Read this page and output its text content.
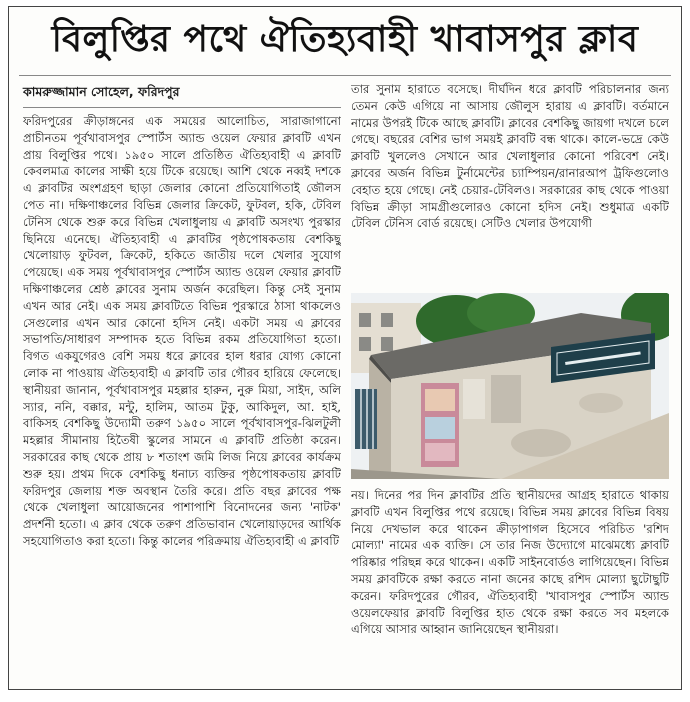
বিলুপ্তির পথে ঐতিহ্যবাহী খাবাসপুর ক্লাব
কামরুজ্জামান সোহেল, ফরিদপুর

ফরিদপুরের ক্রীড়াঙ্গনের এক সময়ের আলোচিত, সারাজাগানো প্রাচীনতম পূর্বখাবাসপুর স্পোর্টস অ্যান্ড ওয়েল ফেয়ার ক্লাবটি এখন প্রায় বিলুপ্তির পথে। ১৯৫০ সালে প্রতিষ্ঠিত ঐতিহ্যবাহী এ ক্লাবটি কেবলমাত্র কালের সাক্ষী হয়ে টিকে রয়েছে। আশি থেকে নব্বই দশকে এ ক্লাবটির অংশগ্রহণ ছাড়া জেলার কোনো প্রতিযোগিতাই জৌলস পেত না। দক্ষিণাঞ্চলের বিভিন্ন জেলার ক্রিকেট, ফুটবল, হকি, টেবিল টেনিস থেকে শুরু করে বিভিন্ন খেলাধুলায় এ ক্লাবটি অসংখ্য পুরস্কার ছিনিয়ে এনেছে। ঐতিহ্যবাহী এ ক্লাবটির পৃষ্ঠপোষকতায় বেশকিছু খেলোয়াড় ফুটবল, ক্রিকেট, হকিতে জাতীয় দলে খেলার সুযোগ পেয়েছে। এক সময় পূর্বখাবাসপুর স্পোর্টস অ্যান্ড ওয়েল ফেয়ার ক্লাবটি দক্ষিণাঞ্চলের শ্রেষ্ঠ ক্লাবের সুনাম অর্জন করেছিল। কিন্তু সেই সুনাম এখন আর নেই। এক সময় ক্লাবটিতে বিভিন্ন পুরস্কারে ঠাসা থাকলেও সেগুলোর এখন আর কোনো হদিস নেই। একটা সময় এ ক্লাবের সভাপতি/সাধারণ সম্পাদক হতে বিভিন্ন রকম প্রতিযোগিতা হতো। বিগত একযুগেরও বেশি সময় ধরে ক্লাবের হাল ধরার যোগ্য কোনো লোক না পাওয়ায় ঐতিহ্যবাহী এ ক্লাবটি তার গৌরব হারিয়ে ফেলেছে। স্থানীয়রা জানান, পূর্বখাবাসপুর মহল্লার হারুন, নুরু মিয়া, সাইদ, অলি স্যার, ননি, বক্কার, মন্টু, হালিম, আতম টুকু, আকিদুল, আ. হাই, বাকিসহ বেশকিছু উদ্যোমী তরুণ ১৯৫০ সালে পূর্বখাবাসপুর-ঝিলটুলী মহল্লার সীমানায় হিতৈষী স্কুলের সামনে এ ক্লাবটি প্রতিষ্ঠা করেন। সরকারের কাছ থেকে প্রায় ৮ শতাংশ জমি লিজ নিয়ে ক্লাবের কার্যক্রম শুরু হয়। প্রথম দিকে বেশকিছু ধনাঢ্য ব্যক্তির পৃষ্ঠপোষকতায় ক্লাবটি ফরিদপুর জেলায় শক্ত অবস্থান তৈরি করে। প্রতি বছর ক্লাবের পক্ষ থেকে খেলাধুলা আয়োজনের পাশাপাশি বিনোদনের জন্য 'নাটক' প্রদর্শনী হতো। এ ক্লাব থেকে তরুণ প্রতিভাবান খেলোয়াড়দের আর্থিক সহযোগিতাও করা হতো। কিন্তু কালের পরিক্রমায় ঐতিহ্যবাহী এ ক্লাবটি

তার সুনাম হারাতে বসেছে। দীর্ঘদিন ধরে ক্লাবটি পরিচালনার জন্য তেমন কেউ এগিয়ে না আসায় জৌলুস হারায় এ ক্লাবটি। বর্তমানে নামের উপরই টিকে আছে ক্লাবটি। ক্লাবের বেশকিছু জায়গা দখলে চলে গেছে। বছরের বেশির ভাগ সময়ই ক্লাবটি বন্ধ থাকে। কালে-ভদ্রে কেউ ক্লাবটি খুললেও সেখানে আর খেলাধুলার কোনো পরিবেশ নেই। ক্লাবের অর্জন বিভিন্ন টুর্নামেন্টের চ্যাম্পিয়ন/রানারআপ ট্রফিগুলোও বেহাত হয়ে গেছে। নেই চেয়ার-টেবিলও। সরকারের কাছ থেকে পাওয়া বিভিন্ন ক্রীড়া সামগ্রীগুলোরও কোনো হদিস নেই। শুধুমাত্র একটি টেবিল টেনিস বোর্ড রয়েছে। সেটিও খেলার উপযোগী

নয়। দিনের পর দিন ক্লাবটির প্রতি স্থানীয়দের আগ্রহ হারাতে থাকায় ক্লাবটি এখন বিলুপ্তির পথে রয়েছে। বিভিন্ন সময় ক্লাবের বিভিন্ন বিষয় নিয়ে দেখভাল করে থাকেন ক্রীড়াপাগল হিসেবে পরিচিত 'রশিদ মোল্যা' নামের এক ব্যক্তি। সে তার নিজ উদ্যোগে মাঝেমধ্যে ক্লাবটি পরিষ্কার পরিছন্ন করে থাকেন। একটি সাইনবোর্ডও লাগিয়েছেন। বিভিন্ন সময় ক্লাবটিকে রক্ষা করতে নানা জনের কাছে রশিদ মোল্যা ছুটোছুটি করেন। ফরিদপুরের গৌরব, ঐতিহ্যবাহী 'খাবাসপুর স্পোর্টস অ্যান্ড ওয়েলফেয়ার ক্লাবটি বিলুপ্তির হাত থেকে রক্ষা করতে সব মহলকে এগিয়ে আসার আহ্বান জানিয়েছেন স্থানীয়রা।
